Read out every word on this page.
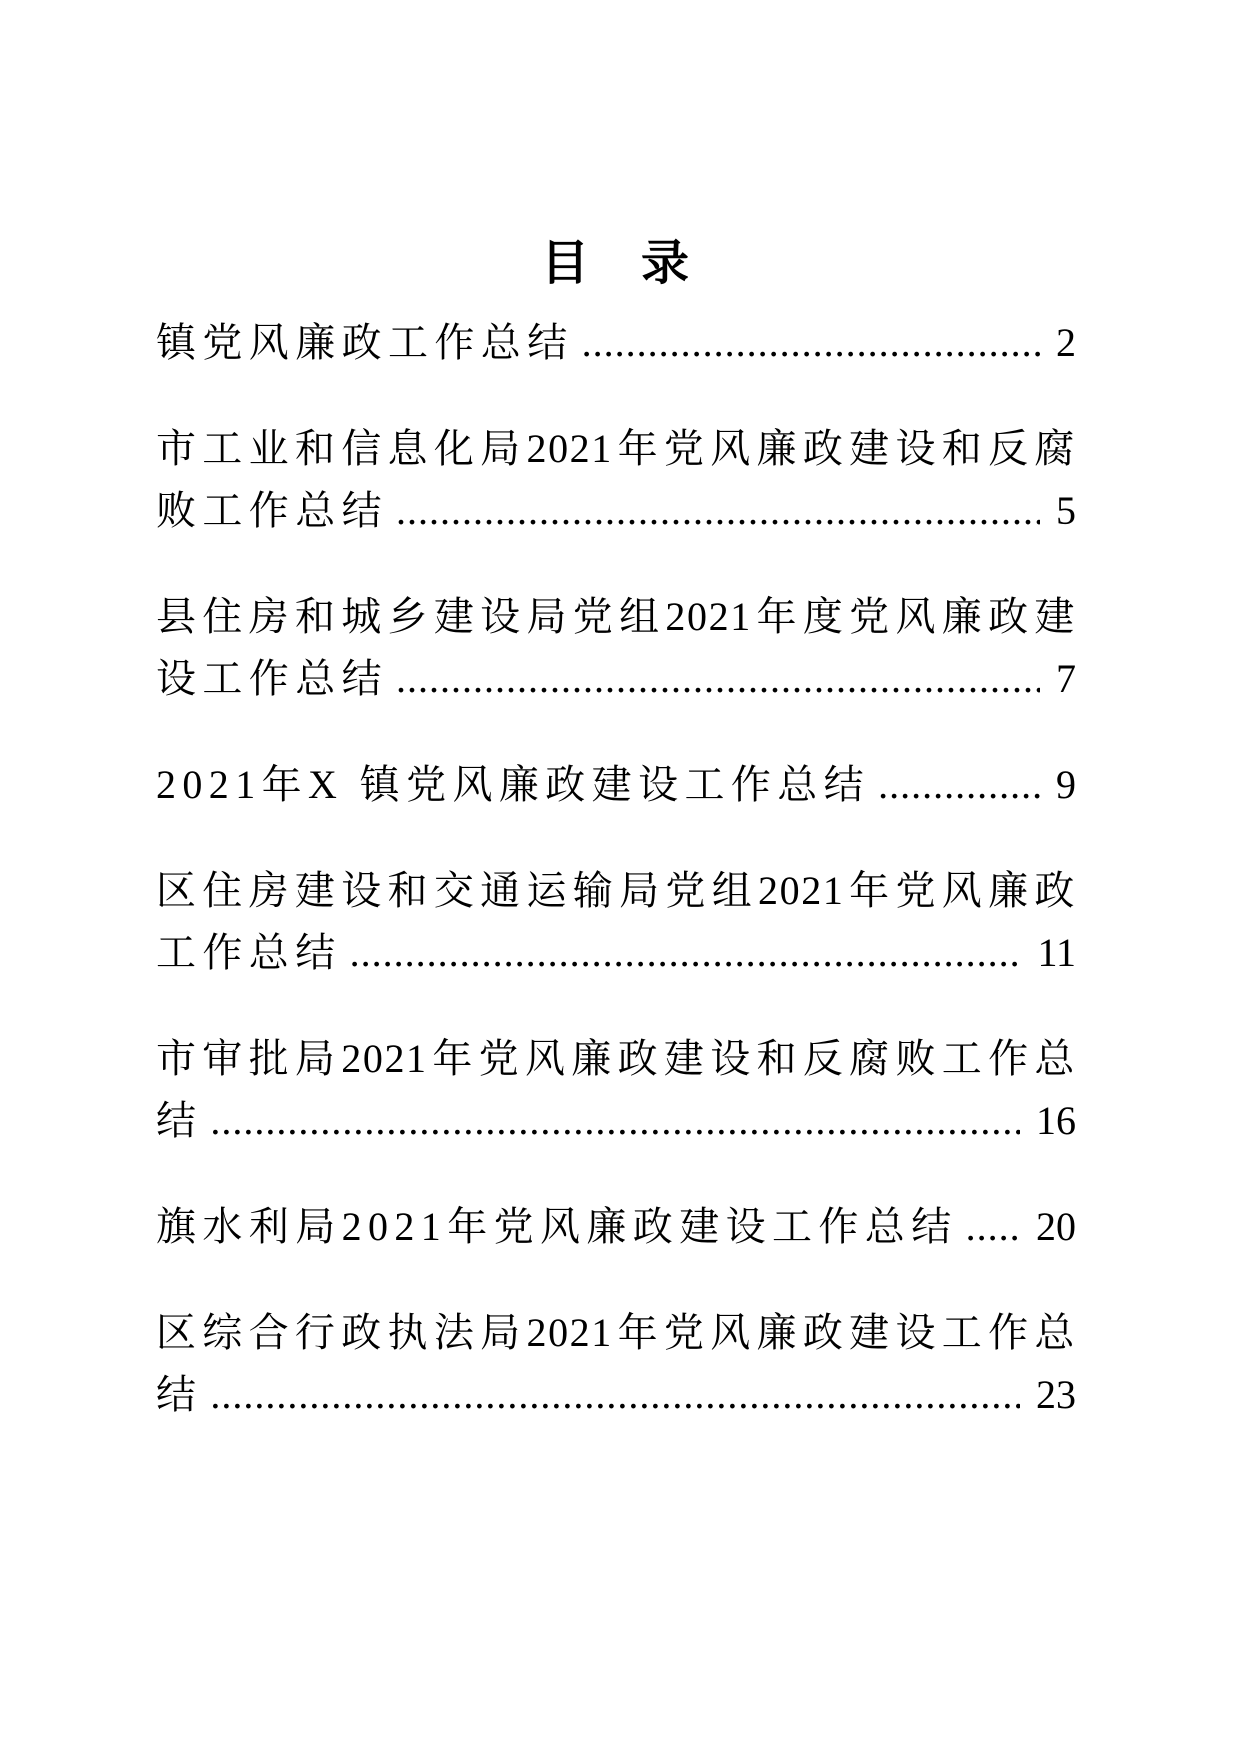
目　录
镇党风廉政工作总结 .....	2
市工业和信息化局2021年党风廉政建设和反腐
败工作总结 .....	5
县住房和城乡建设局党组2021年度党风廉政建
设工作总结 .....	7
2021年X 镇党风廉政建设工作总结 .....	9
区住房建设和交通运输局党组2021年党风廉政
工作总结 .....	11
市审批局2021年党风廉政建设和反腐败工作总
结 .....	16
旗水利局2021年党风廉政建设工作总结 .....	20
区综合行政执法局2021年党风廉政建设工作总
结 .....	23
